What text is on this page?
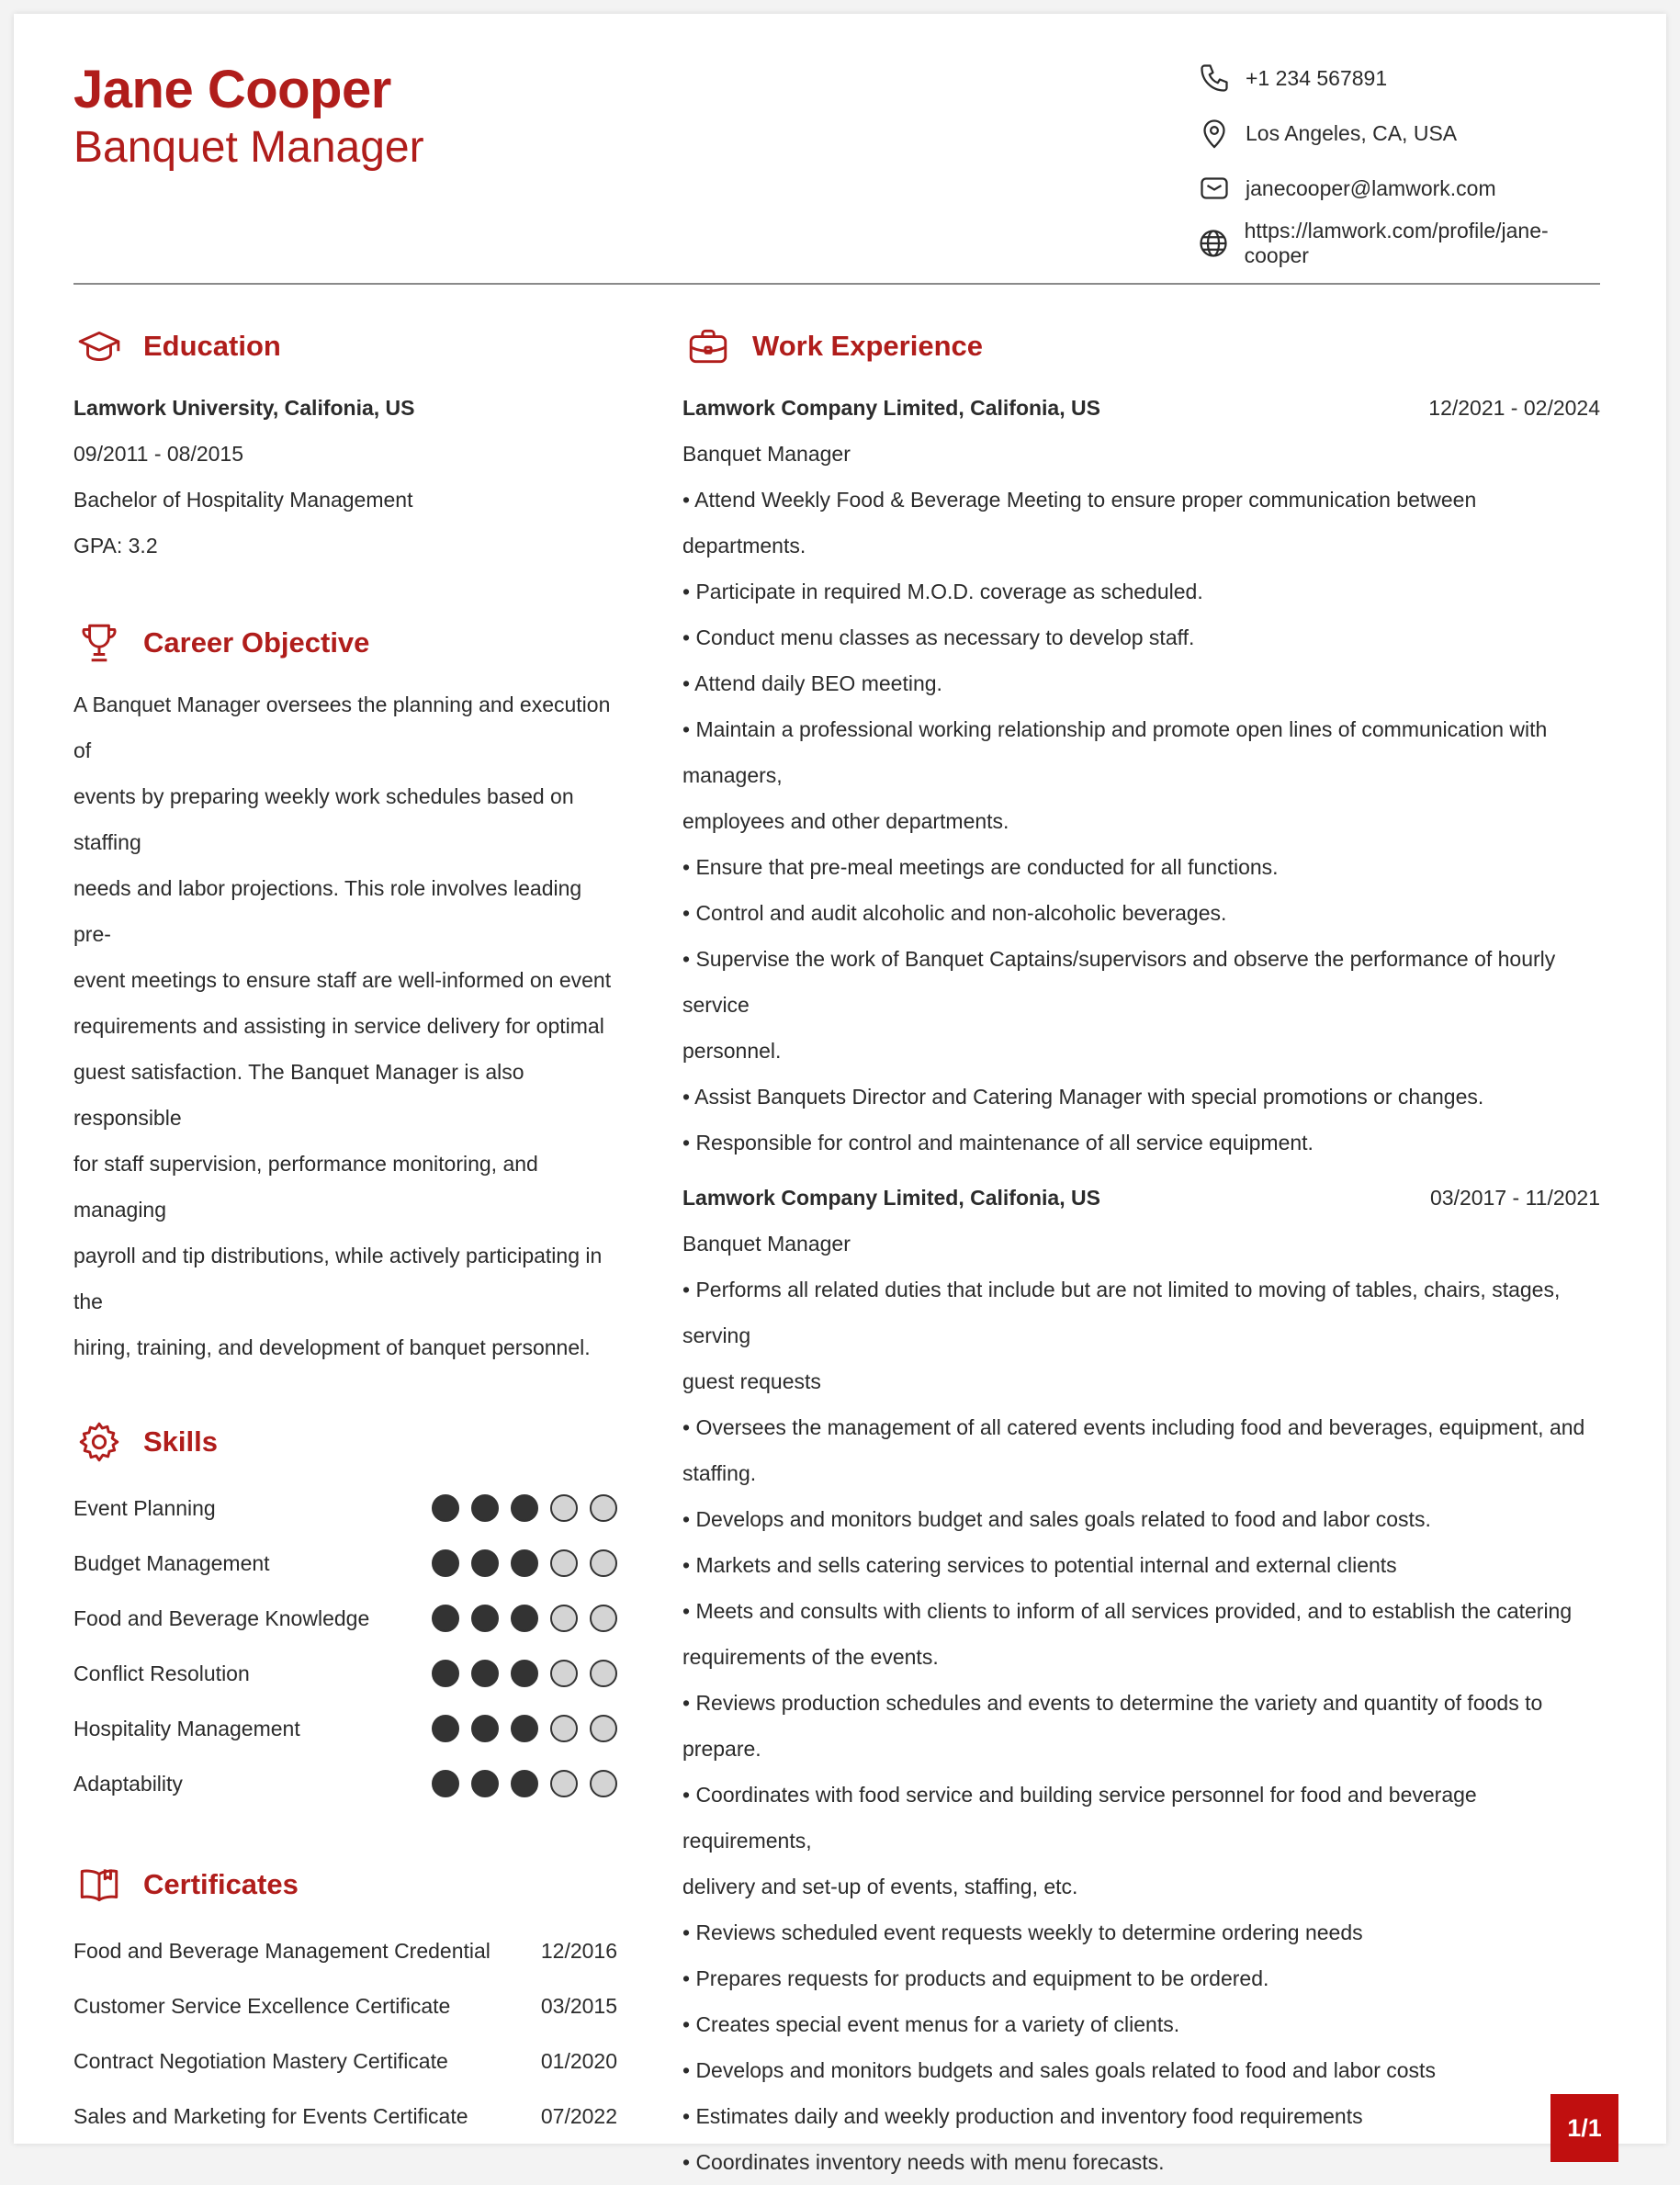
Jane Cooper
Banquet Manager
+1 234 567891
Los Angeles, CA, USA
janecooper@lamwork.com
https://lamwork.com/profile/jane-cooper
Education
Lamwork University, Califonia, US
09/2011 - 08/2015
Bachelor of Hospitality Management
GPA: 3.2
Career Objective
A Banquet Manager oversees the planning and execution of
events by preparing weekly work schedules based on staffing
needs and labor projections. This role involves leading pre-
event meetings to ensure staff are well-informed on event
requirements and assisting in service delivery for optimal
guest satisfaction. The Banquet Manager is also responsible
for staff supervision, performance monitoring, and managing
payroll and tip distributions, while actively participating in the
hiring, training, and development of banquet personnel.
Skills
Event Planning
Budget Management
Food and Beverage Knowledge
Conflict Resolution
Hospitality Management
Adaptability
Certificates
Food and Beverage Management Credential 12/2016
Customer Service Excellence Certificate	03/2015
Contract Negotiation Mastery Certificate	01/2020
Sales and Marketing for Events Certificate	07/2022
Work Experience
Lamwork Company Limited, Califonia, US	12/2021 - 02/2024
Banquet Manager
• Attend Weekly Food & Beverage Meeting to ensure proper communication between departments.
• Participate in required M.O.D. coverage as scheduled.
• Conduct menu classes as necessary to develop staff.
• Attend daily BEO meeting.
• Maintain a professional working relationship and promote open lines of communication with managers,
employees and other departments.
• Ensure that pre-meal meetings are conducted for all functions.
• Control and audit alcoholic and non-alcoholic beverages.
• Supervise the work of Banquet Captains/supervisors and observe the performance of hourly service
personnel.
• Assist Banquets Director and Catering Manager with special promotions or changes.
• Responsible for control and maintenance of all service equipment.
Lamwork Company Limited, Califonia, US	03/2017 - 11/2021
Banquet Manager
• Performs all related duties that include but are not limited to moving of tables, chairs, stages, serving
guest requests
• Oversees the management of all catered events including food and beverages, equipment, and staffing.
• Develops and monitors budget and sales goals related to food and labor costs.
• Markets and sells catering services to potential internal and external clients
• Meets and consults with clients to inform of all services provided, and to establish the catering
requirements of the events.
• Reviews production schedules and events to determine the variety and quantity of foods to prepare.
• Coordinates with food service and building service personnel for food and beverage requirements,
delivery and set-up of events, staffing, etc.
• Reviews scheduled event requests weekly to determine ordering needs
• Prepares requests for products and equipment to be ordered.
• Creates special event menus for a variety of clients.
• Develops and monitors budgets and sales goals related to food and labor costs
• Estimates daily and weekly production and inventory food requirements
• Coordinates inventory needs with menu forecasts.
1/1
